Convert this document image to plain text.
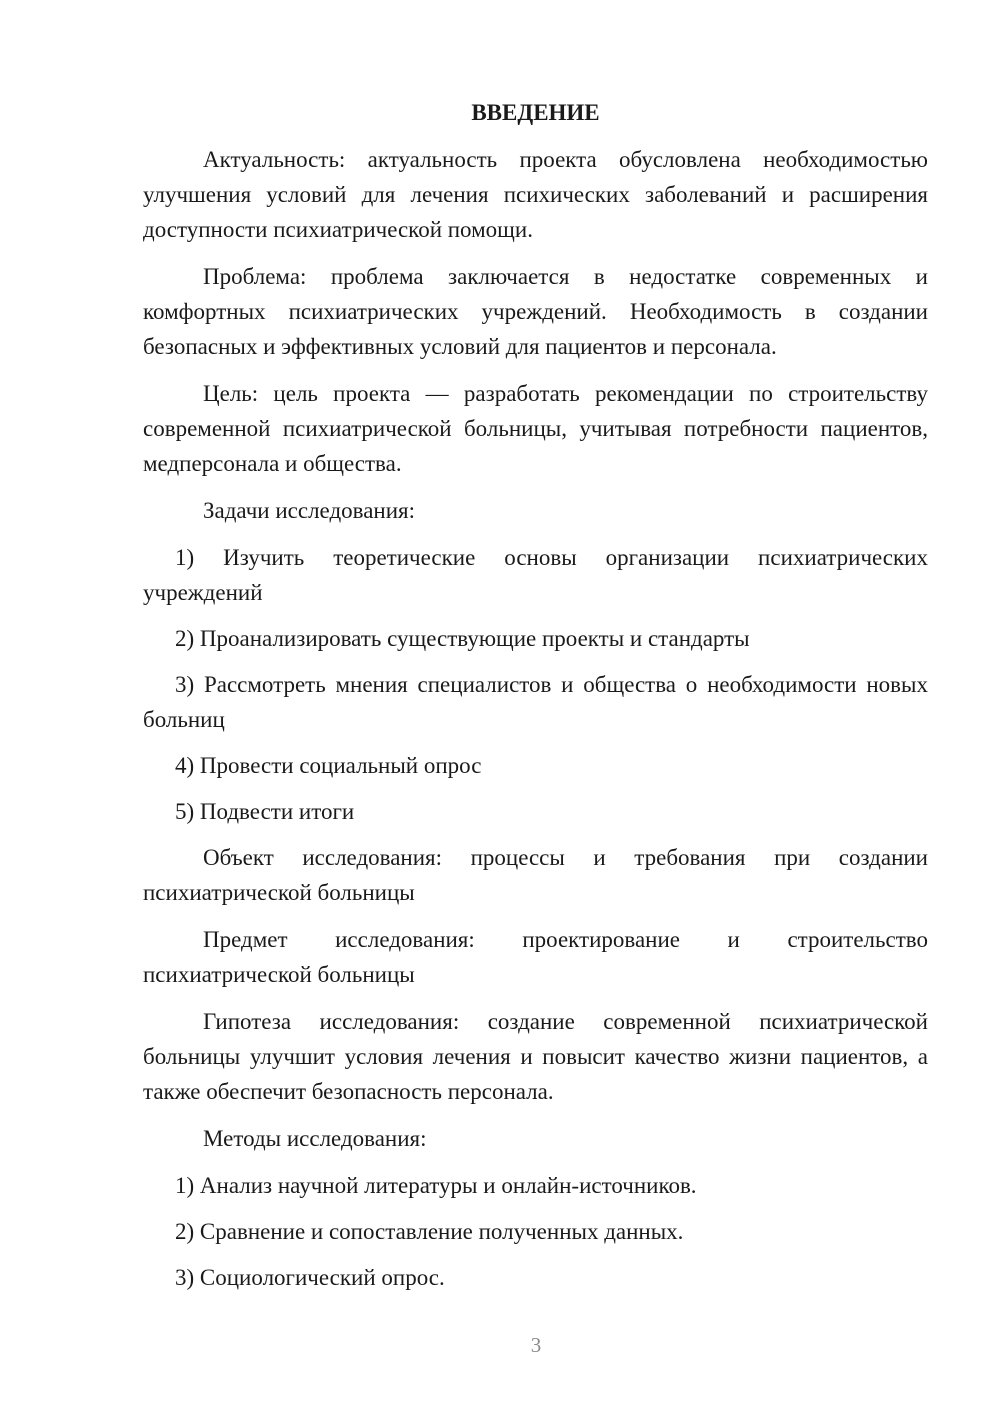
ВВЕДЕНИЕ

Актуальность: актуальность проекта обусловлена необходимостью улучшения условий для лечения психических заболеваний и расширения доступности психиатрической помощи.

Проблема: проблема заключается в недостатке современных и комфортных психиатрических учреждений. Необходимость в создании безопасных и эффективных условий для пациентов и персонала.

Цель: цель проекта — разработать рекомендации по строительству современной психиатрической больницы, учитывая потребности пациентов, медперсонала и общества.

Задачи исследования:

1) Изучить теоретические основы организации психиатрических учреждений

2) Проанализировать существующие проекты и стандарты

3) Рассмотреть мнения специалистов и общества о необходимости новых больниц

4) Провести социальный опрос

5) Подвести итоги

Объект исследования: процессы и требования при создании психиатрической больницы

Предмет исследования: проектирование и строительство психиатрической больницы

Гипотеза исследования: создание современной психиатрической больницы улучшит условия лечения и повысит качество жизни пациентов, а также обеспечит безопасность персонала.

Методы исследования:

1) Анализ научной литературы и онлайн-источников.

2) Сравнение и сопоставление полученных данных.

3) Социологический опрос.

3
